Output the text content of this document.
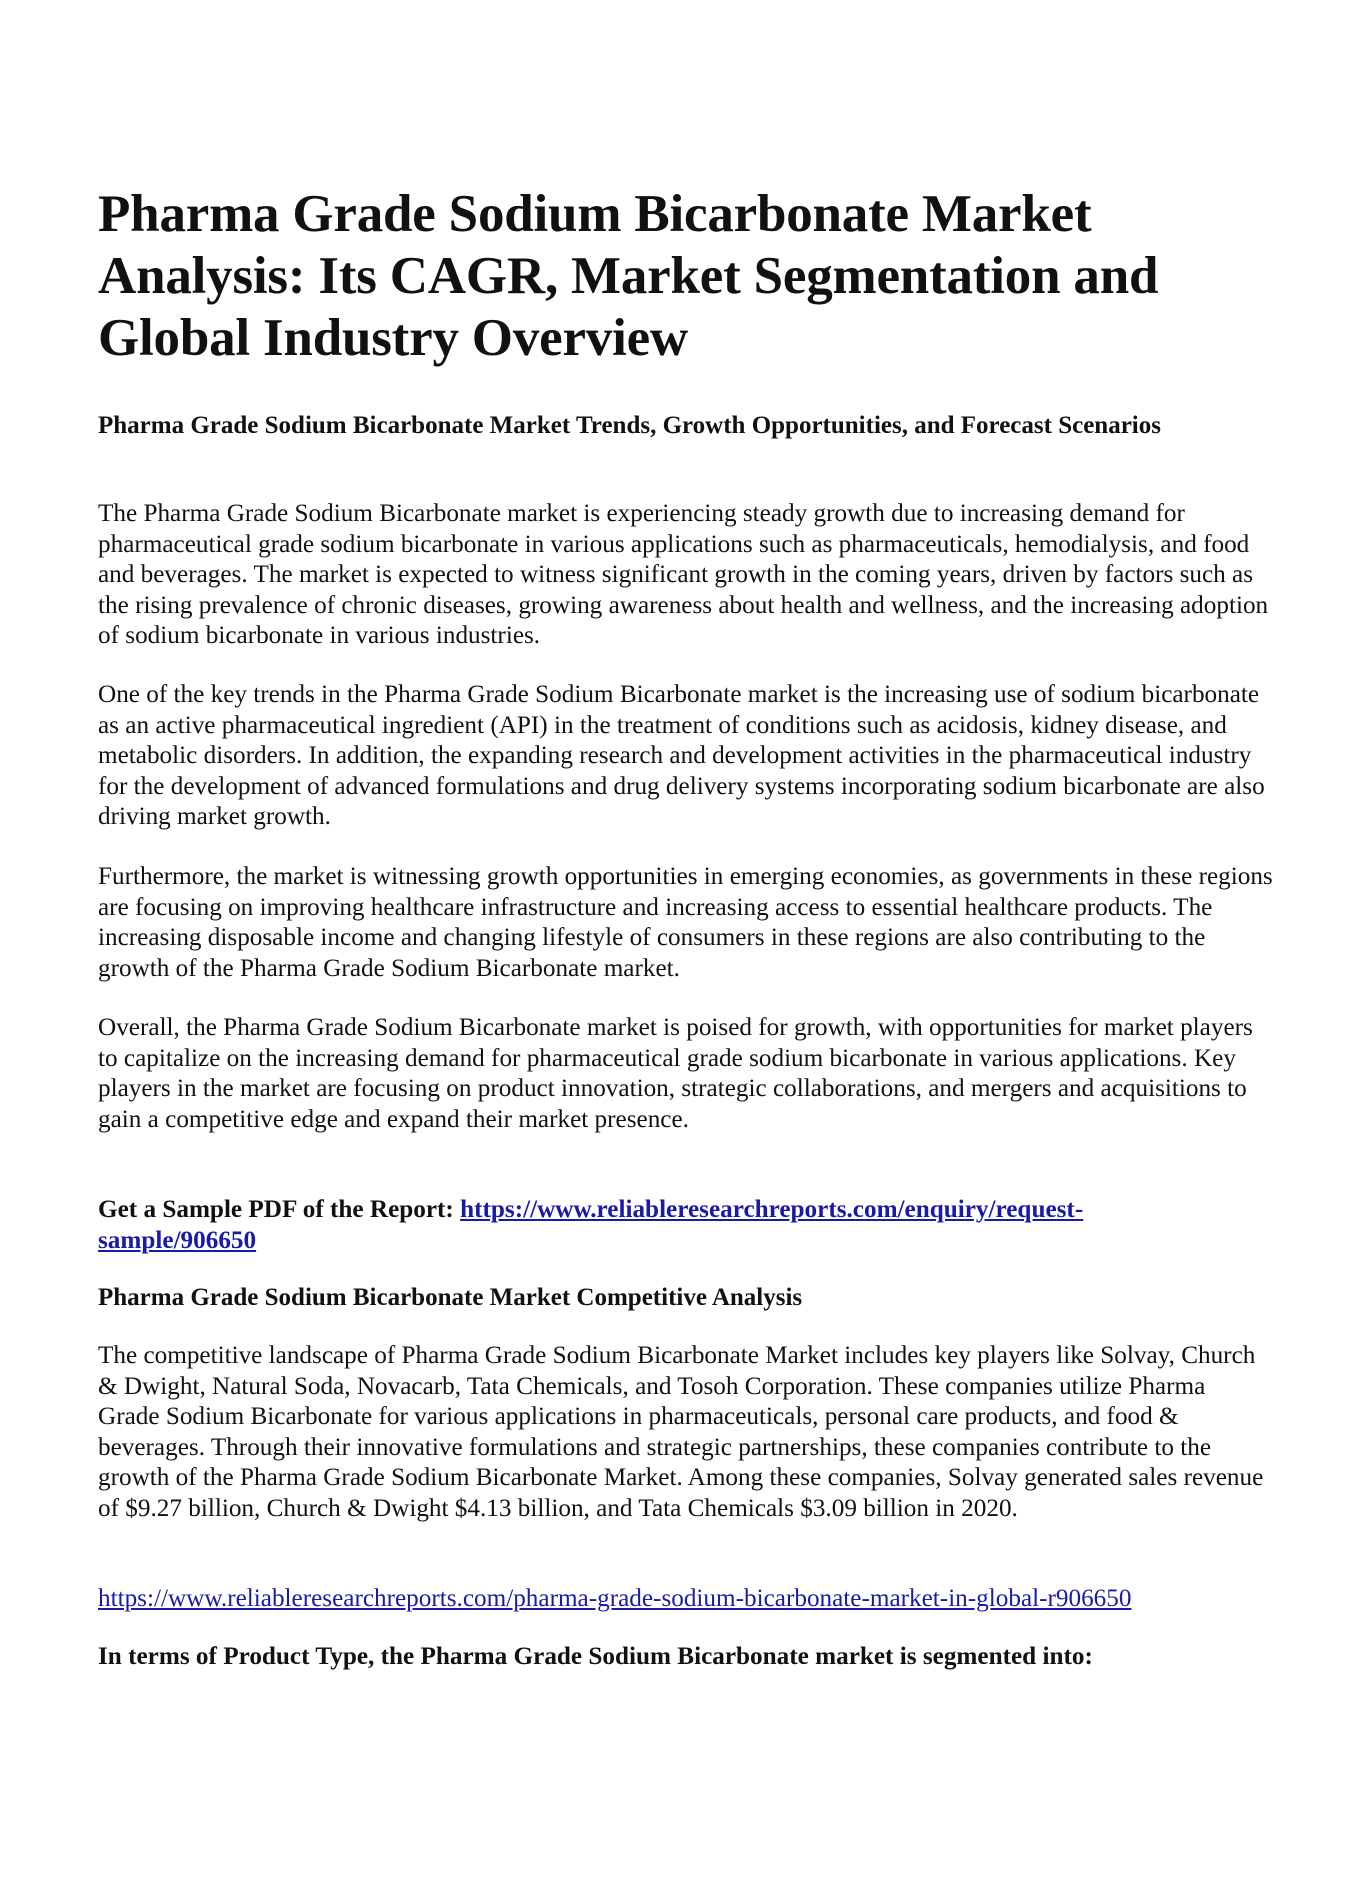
Pharma Grade Sodium Bicarbonate Market Analysis: Its CAGR, Market Segmentation and Global Industry Overview
Pharma Grade Sodium Bicarbonate Market Trends, Growth Opportunities, and Forecast Scenarios

The Pharma Grade Sodium Bicarbonate market is experiencing steady growth due to increasing demand for pharmaceutical grade sodium bicarbonate in various applications such as pharmaceuticals, hemodialysis, and food and beverages. The market is expected to witness significant growth in the coming years, driven by factors such as the rising prevalence of chronic diseases, growing awareness about health and wellness, and the increasing adoption of sodium bicarbonate in various industries.

One of the key trends in the Pharma Grade Sodium Bicarbonate market is the increasing use of sodium bicarbonate as an active pharmaceutical ingredient (API) in the treatment of conditions such as acidosis, kidney disease, and metabolic disorders. In addition, the expanding research and development activities in the pharmaceutical industry for the development of advanced formulations and drug delivery systems incorporating sodium bicarbonate are also driving market growth.

Furthermore, the market is witnessing growth opportunities in emerging economies, as governments in these regions are focusing on improving healthcare infrastructure and increasing access to essential healthcare products. The increasing disposable income and changing lifestyle of consumers in these regions are also contributing to the growth of the Pharma Grade Sodium Bicarbonate market.

Overall, the Pharma Grade Sodium Bicarbonate market is poised for growth, with opportunities for market players to capitalize on the increasing demand for pharmaceutical grade sodium bicarbonate in various applications. Key players in the market are focusing on product innovation, strategic collaborations, and mergers and acquisitions to gain a competitive edge and expand their market presence.

Get a Sample PDF of the Report: https://www.reliableresearchreports.com/enquiry/request-sample/906650

Pharma Grade Sodium Bicarbonate Market Competitive Analysis

The competitive landscape of Pharma Grade Sodium Bicarbonate Market includes key players like Solvay, Church & Dwight, Natural Soda, Novacarb, Tata Chemicals, and Tosoh Corporation. These companies utilize Pharma Grade Sodium Bicarbonate for various applications in pharmaceuticals, personal care products, and food & beverages. Through their innovative formulations and strategic partnerships, these companies contribute to the growth of the Pharma Grade Sodium Bicarbonate Market. Among these companies, Solvay generated sales revenue of $9.27 billion, Church & Dwight $4.13 billion, and Tata Chemicals $3.09 billion in 2020.

https://www.reliableresearchreports.com/pharma-grade-sodium-bicarbonate-market-in-global-r906650

In terms of Product Type, the Pharma Grade Sodium Bicarbonate market is segmented into:
